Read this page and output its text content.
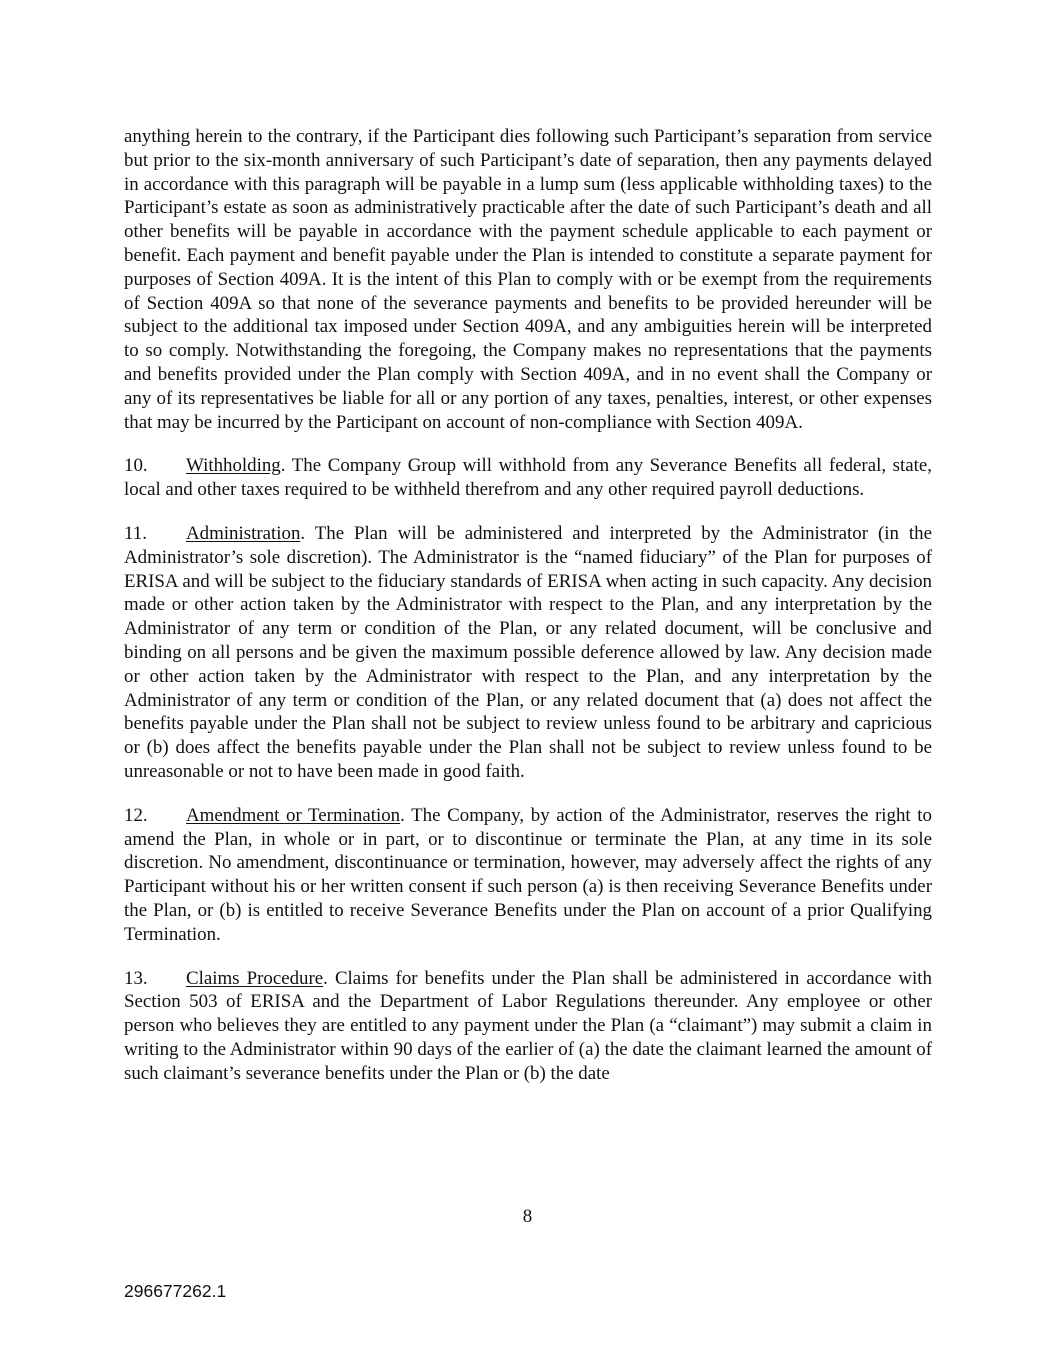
anything herein to the contrary, if the Participant dies following such Participant’s separation from service but prior to the six-month anniversary of such Participant’s date of separation, then any payments delayed in accordance with this paragraph will be payable in a lump sum (less applicable withholding taxes) to the Participant’s estate as soon as administratively practicable after the date of such Participant’s death and all other benefits will be payable in accordance with the payment schedule applicable to each payment or benefit. Each payment and benefit payable under the Plan is intended to constitute a separate payment for purposes of Section 409A. It is the intent of this Plan to comply with or be exempt from the requirements of Section 409A so that none of the severance payments and benefits to be provided hereunder will be subject to the additional tax imposed under Section 409A, and any ambiguities herein will be interpreted to so comply. Notwithstanding the foregoing, the Company makes no representations that the payments and benefits provided under the Plan comply with Section 409A, and in no event shall the Company or any of its representatives be liable for all or any portion of any taxes, penalties, interest, or other expenses that may be incurred by the Participant on account of non-compliance with Section 409A.

10. Withholding. The Company Group will withhold from any Severance Benefits all federal, state, local and other taxes required to be withheld therefrom and any other required payroll deductions.

11. Administration. The Plan will be administered and interpreted by the Administrator (in the Administrator’s sole discretion). The Administrator is the “named fiduciary” of the Plan for purposes of ERISA and will be subject to the fiduciary standards of ERISA when acting in such capacity. Any decision made or other action taken by the Administrator with respect to the Plan, and any interpretation by the Administrator of any term or condition of the Plan, or any related document, will be conclusive and binding on all persons and be given the maximum possible deference allowed by law. Any decision made or other action taken by the Administrator with respect to the Plan, and any interpretation by the Administrator of any term or condition of the Plan, or any related document that (a) does not affect the benefits payable under the Plan shall not be subject to review unless found to be arbitrary and capricious or (b) does affect the benefits payable under the Plan shall not be subject to review unless found to be unreasonable or not to have been made in good faith.

12. Amendment or Termination. The Company, by action of the Administrator, reserves the right to amend the Plan, in whole or in part, or to discontinue or terminate the Plan, at any time in its sole discretion. No amendment, discontinuance or termination, however, may adversely affect the rights of any Participant without his or her written consent if such person (a) is then receiving Severance Benefits under the Plan, or (b) is entitled to receive Severance Benefits under the Plan on account of a prior Qualifying Termination.

13. Claims Procedure. Claims for benefits under the Plan shall be administered in accordance with Section 503 of ERISA and the Department of Labor Regulations thereunder. Any employee or other person who believes they are entitled to any payment under the Plan (a “claimant”) may submit a claim in writing to the Administrator within 90 days of the earlier of (a) the date the claimant learned the amount of such claimant’s severance benefits under the Plan or (b) the date

8
296677262.1
